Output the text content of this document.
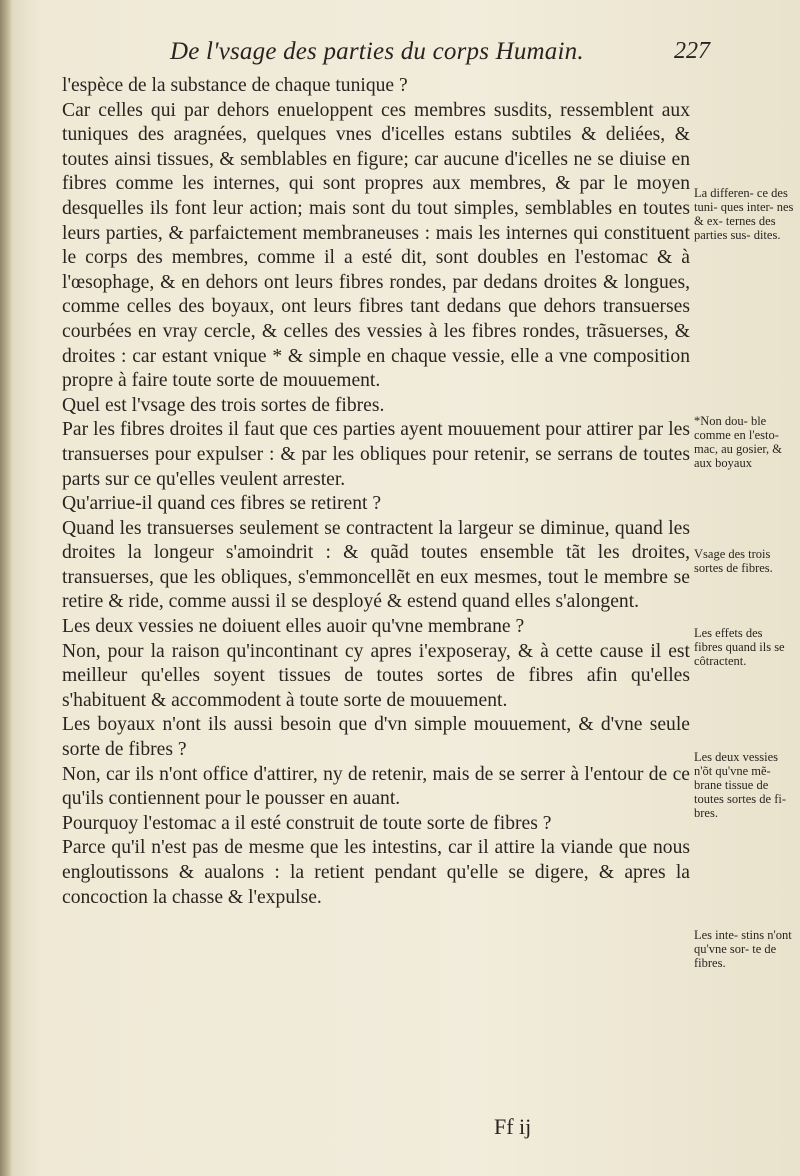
De l'vsage des parties du corps Humain.	227

l'espèce de la substance de chaque tunique ?

Car celles qui par dehors enueloppent ces membres susdits, ressemblent aux tuniques des aragnées, quelques vnes d'icelles estans subtiles & deliées, & toutes ainsi tissues, & semblables en figure; car aucune d'icelles ne se diuise en fibres comme les internes, qui sont propres aux membres, & par le moyen desquelles ils font leur action; mais sont du tout simples, semblables en toutes leurs parties, & parfaictement membraneuses : mais les internes qui constituent le corps des membres, comme il a esté dit, sont doubles en l'estomac & à l'œsophage, & en dehors ont leurs fibres rondes, par dedans droites & longues, comme celles des boyaux, ont leurs fibres tant dedans que dehors transuerses courbées en vray cercle, & celles des vessies à les fibres rondes, trãsuerses, & droites : car estant vnique * & simple en chaque vessie, elle a vne composition propre à faire toute sorte de mouuement.

Quel est l'vsage des trois sortes de fibres.

Par les fibres droites il faut que ces parties ayent mouuement pour attirer par les transuerses pour expulser : & par les obliques pour retenir, se serrans de toutes parts sur ce qu'elles veulent arrester.

Qu'arriue-il quand ces fibres se retirent ?

Quand les transuerses seulement se contractent la largeur se diminue, quand les droites la longeur s'amoindrit : & quãd toutes ensemble tãt les droites, transuerses, que les obliques, s'emmoncellẽt en eux mesmes, tout le membre se retire & ride, comme aussi il se desployé & estend quand elles s'alongent.

Les deux vessies ne doiuent elles auoir qu'vne membrane ?

Non, pour la raison qu'incontinant cy apres i'exposeray, & à cette cause il est meilleur qu'elles soyent tissues de toutes sortes de fibres afin qu'elles s'habituent & accommodent à toute sorte de mouuement.

Les boyaux n'ont ils aussi besoin que d'vn simple mouuement, & d'vne seule sorte de fibres ?

Non, car ils n'ont office d'attirer, ny de retenir, mais de se serrer à l'entour de ce qu'ils contiennent pour le pousser en auant.

Pourquoy l'estomac a il esté construit de toute sorte de fibres ?

Parce qu'il n'est pas de mesme que les intestins, car il attire la viande que nous engloutissons & aualons : la retient pendant qu'elle se digere, & apres la concoction la chasse & l'expulse.

La differen- ce des tuni- ques inter- nes & ex- ternes des parties sus- dites.
*Non dou- ble comme en l'esto- mac, au gosier, & aux boyaux
Vsage des trois sortes de fibres.
Les effets des fibres quand ils se côtractent.
Les deux vessies n'õt qu'vne mẽ- brane tissue de toutes sortes de fi- bres.
Les inte- stins n'ont qu'vne sor- te de fibres.
Ff ij
